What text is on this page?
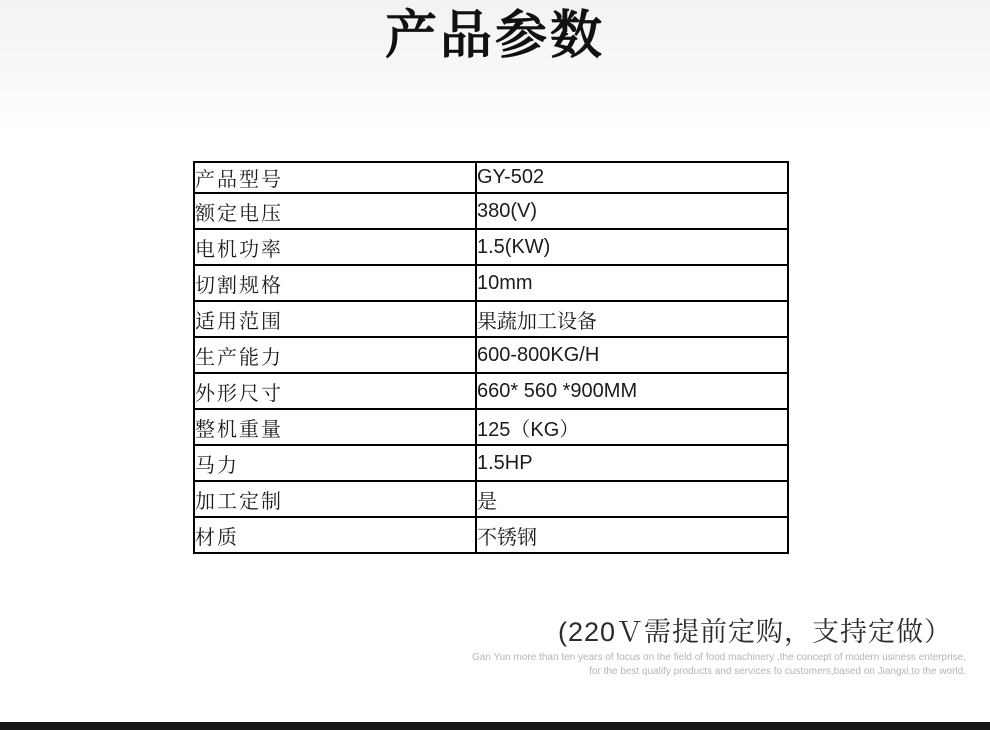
产品参数
产品型号	GY-502
额定电压	380(V)
电机功率	1.5(KW)
切割规格	10mm
适用范围	果蔬加工设备
生产能力	600-800KG/H
外形尺寸	660* 560 *900MM
整机重量	125（KG）
马力	1.5HP
加工定制	是
材质	不锈钢
(220Ｖ需提前定购，支持定做）
Gan Yun more than ten years of focus on the field of food machinery ,the concept of modern usiness enterprise,
for the best qualify products and services fo customers,based on Jiangxi,to the world.
